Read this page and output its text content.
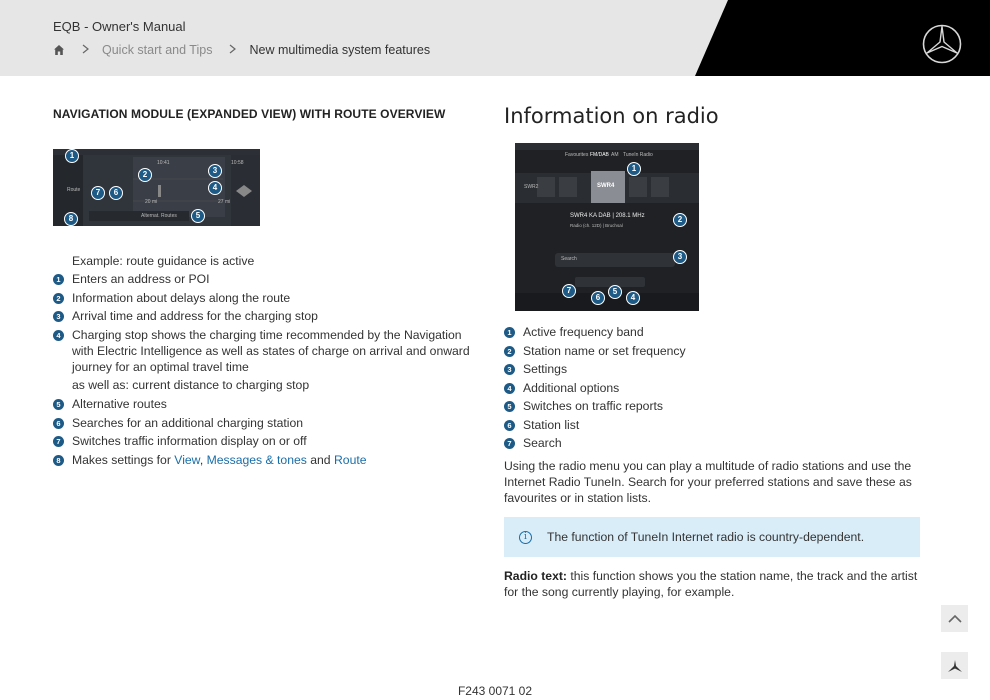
EQB - Owner's Manual
Quick start and Tips	New multimedia system features
NAVIGATION MODULE (EXPANDED VIEW) WITH ROUTE OVERVIEW
10:41	10:58
20 mi	27 mi
Alternat. Routes
Route
1
2	3
4
5
6
7
8
Example: route guidance is active
1 Enters an address or POI
2 Information about delays along the route
3 Arrival time and address for the charging stop
4 Charging stop shows the charging time recommended by the Navigation with Electric Intelligence as well as states of charge on arrival and onward journey for an optimal travel time
as well as: current distance to charging stop
5 Alternative routes
6 Searches for an additional charging station
7 Switches traffic information display on or off
8 Makes settings for View, Messages & tones and Route
Information on radio
Favourites FM/DAB AM TuneIn Radio
SWR4
SWR2
SWR4 KA DAB | 208.1 MHz
Radio (ch. 12D) | Bruchsal
Search
1
2
3
4
5
6
7
1 Active frequency band
2 Station name or set frequency
3 Settings
4 Additional options
5 Switches on traffic reports
6 Station list
7 Search
Using the radio menu you can play a multitude of radio stations and use the Internet Radio TuneIn. Search for your preferred stations and save these as favourites or in station lists.
i	The function of TuneIn Internet radio is country-dependent.
Radio text: this function shows you the station name, the track and the artist for the song currently playing, for example.
F243 0071 02
